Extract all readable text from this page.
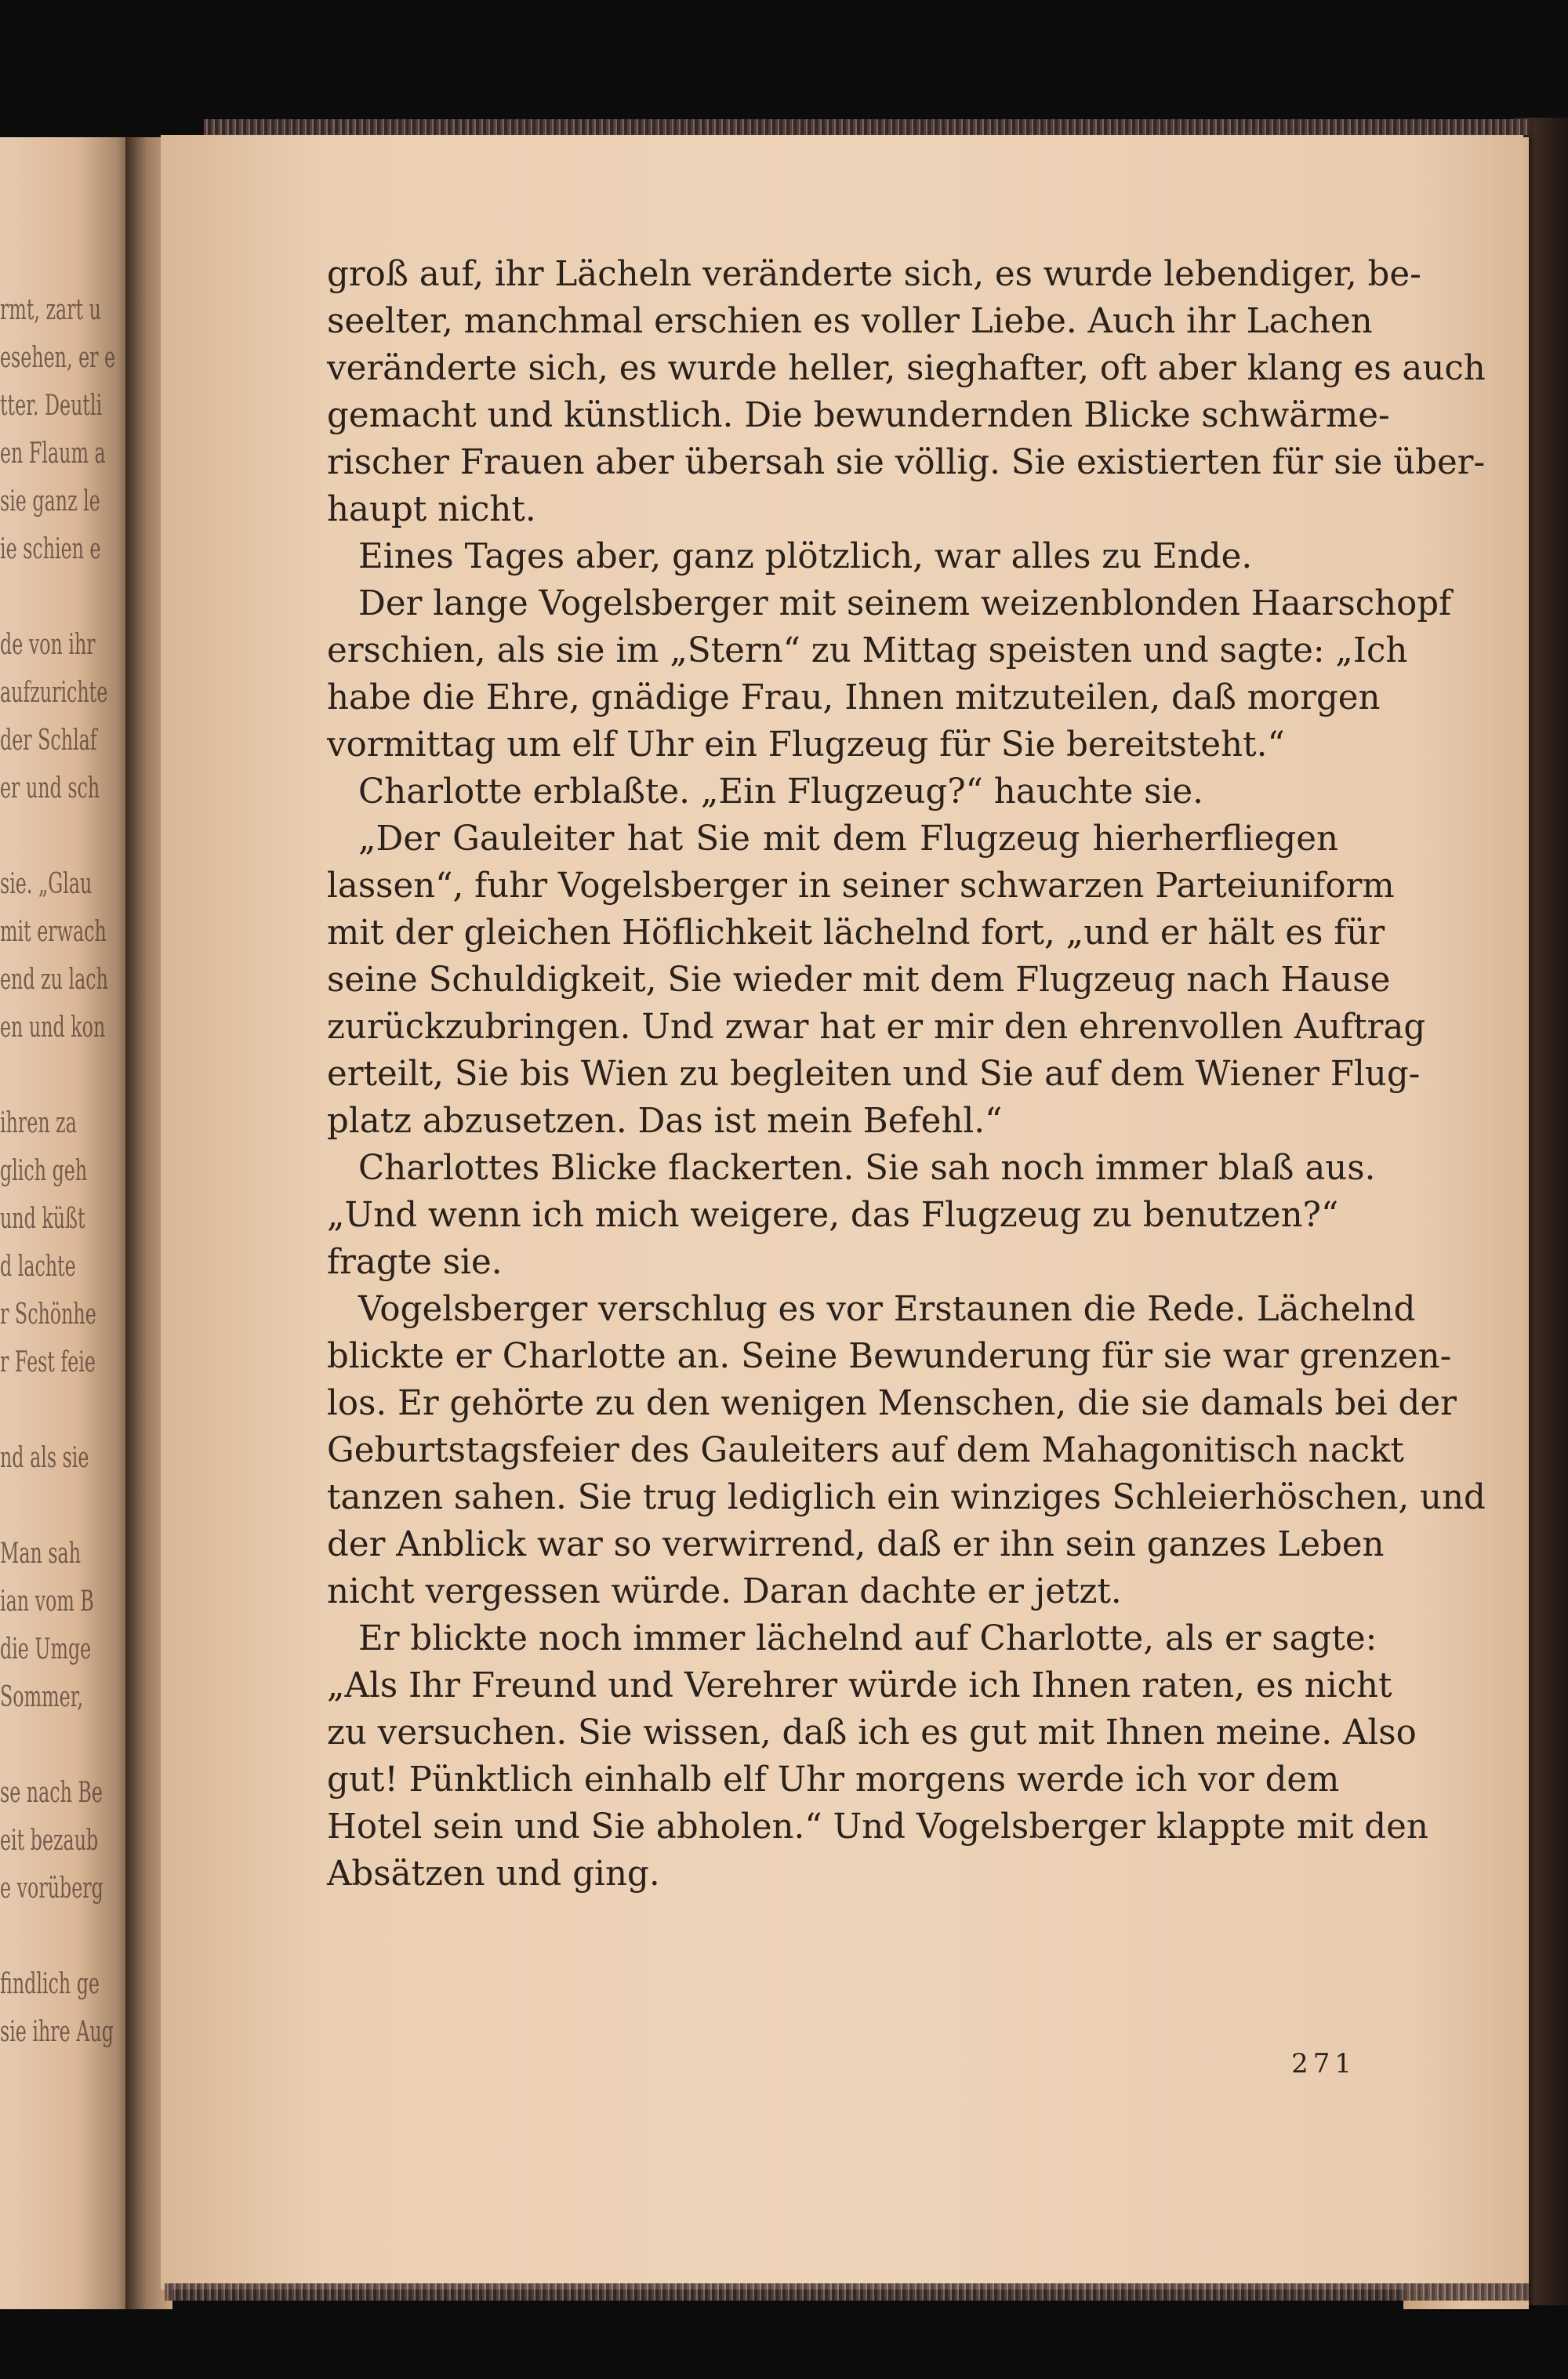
rmt, zart u
esehen, er e
tter. Deutli
en Flaum a
sie ganz le
ie schien e
de von ihr
aufzurichte
der Schlaf
er und sch
sie. „Glau
mit erwach
end zu lach
en und kon
ihren za
glich geh
und küßt
d lachte
r Schönhe
r Fest feie
nd als sie
Man sah
ian vom B
die Umge
Sommer,
se nach Be
eit bezaub
e vorüberg
findlich ge
sie ihre Aug
groß auf, ihr Lächeln veränderte sich, es wurde lebendiger, be-
seelter, manchmal erschien es voller Liebe. Auch ihr Lachen
veränderte sich, es wurde heller, sieghafter, oft aber klang es auch
gemacht und künstlich. Die bewundernden Blicke schwärme-
rischer Frauen aber übersah sie völlig. Sie existierten für sie über-
haupt nicht.
Eines Tages aber, ganz plötzlich, war alles zu Ende.
Der lange Vogelsberger mit seinem weizenblonden Haarschopf
erschien, als sie im „Stern“ zu Mittag speisten und sagte: „Ich
habe die Ehre, gnädige Frau, Ihnen mitzuteilen, daß morgen
vormittag um elf Uhr ein Flugzeug für Sie bereitsteht.“
Charlotte erblaßte. „Ein Flugzeug?“ hauchte sie.
„Der Gauleiter hat Sie mit dem Flugzeug hierherfliegen
lassen“, fuhr Vogelsberger in seiner schwarzen Parteiuniform
mit der gleichen Höflichkeit lächelnd fort, „und er hält es für
seine Schuldigkeit, Sie wieder mit dem Flugzeug nach Hause
zurückzubringen. Und zwar hat er mir den ehrenvollen Auftrag
erteilt, Sie bis Wien zu begleiten und Sie auf dem Wiener Flug-
platz abzusetzen. Das ist mein Befehl.“
Charlottes Blicke flackerten. Sie sah noch immer blaß aus.
„Und wenn ich mich weigere, das Flugzeug zu benutzen?“
fragte sie.
Vogelsberger verschlug es vor Erstaunen die Rede. Lächelnd
blickte er Charlotte an. Seine Bewunderung für sie war grenzen-
los. Er gehörte zu den wenigen Menschen, die sie damals bei der
Geburtstagsfeier des Gauleiters auf dem Mahagonitisch nackt
tanzen sahen. Sie trug lediglich ein winziges Schleierhöschen, und
der Anblick war so verwirrend, daß er ihn sein ganzes Leben
nicht vergessen würde. Daran dachte er jetzt.
Er blickte noch immer lächelnd auf Charlotte, als er sagte:
„Als Ihr Freund und Verehrer würde ich Ihnen raten, es nicht
zu versuchen. Sie wissen, daß ich es gut mit Ihnen meine. Also
gut! Pünktlich einhalb elf Uhr morgens werde ich vor dem
Hotel sein und Sie abholen.“ Und Vogelsberger klappte mit den
Absätzen und ging.
271
